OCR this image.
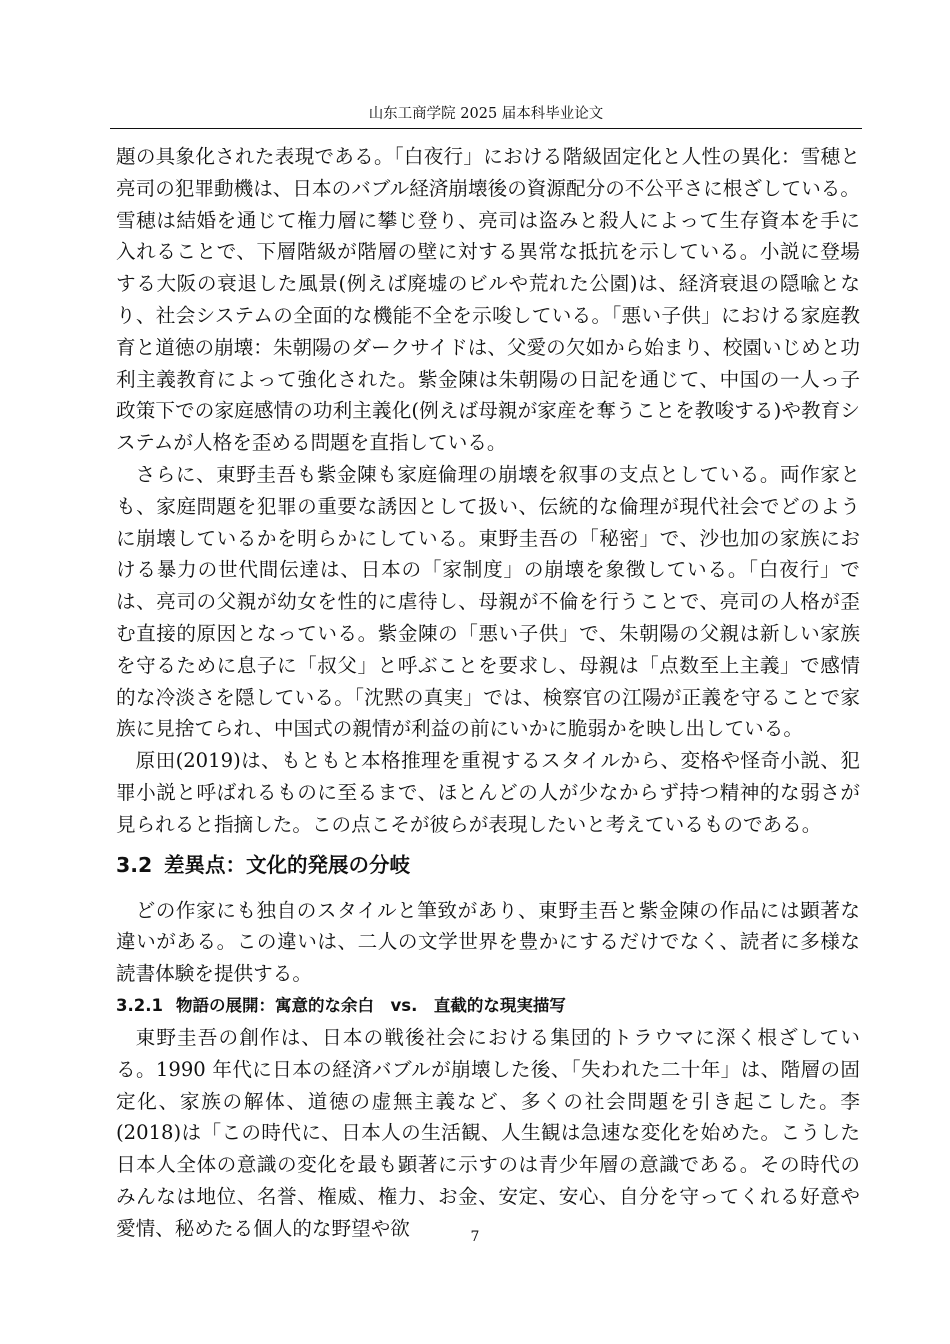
山东工商学院 2025 届本科毕业论文

題の具象化された表現である。「白夜行」における階級固定化と人性の異化：雪穂と亮司の犯罪動機は、日本のバブル経済崩壊後の資源配分の不公平さに根ざしている。雪穂は結婚を通じて権力層に攀じ登り、亮司は盗みと殺人によって生存資本を手に入れることで、下層階級が階層の壁に対する異常な抵抗を示している。小説に登場する大阪の衰退した風景(例えば廃墟のビルや荒れた公園)は、経済衰退の隠喩となり、社会システムの全面的な機能不全を示唆している。「悪い子供」における家庭教育と道徳の崩壊：朱朝陽のダークサイドは、父愛の欠如から始まり、校園いじめと功利主義教育によって強化された。紫金陳は朱朝陽の日記を通じて、中国の一人っ子政策下での家庭感情の功利主義化(例えば母親が家産を奪うことを教唆する)や教育システムが人格を歪める問題を直指している。

さらに、東野圭吾も紫金陳も家庭倫理の崩壊を叙事の支点としている。両作家とも、家庭問題を犯罪の重要な誘因として扱い、伝統的な倫理が現代社会でどのように崩壊しているかを明らかにしている。東野圭吾の「秘密」で、沙也加の家族における暴力の世代間伝達は、日本の「家制度」の崩壊を象徴している。「白夜行」では、亮司の父親が幼女を性的に虐待し、母親が不倫を行うことで、亮司の人格が歪む直接的原因となっている。紫金陳の「悪い子供」で、朱朝陽の父親は新しい家族を守るために息子に「叔父」と呼ぶことを要求し、母親は「点数至上主義」で感情的な冷淡さを隠している。「沈黙の真実」では、検察官の江陽が正義を守ることで家族に見捨てられ、中国式の親情が利益の前にいかに脆弱かを映し出している。

原田(2019)は、もともと本格推理を重視するスタイルから、変格や怪奇小説、犯罪小説と呼ばれるものに至るまで、ほとんどの人が少なからず持つ精神的な弱さが見られると指摘した。この点こそが彼らが表現したいと考えているものである。

3.2 差異点：文化的発展の分岐

どの作家にも独自のスタイルと筆致があり、東野圭吾と紫金陳の作品には顕著な違いがある。この違いは、二人の文学世界を豊かにするだけでなく、読者に多様な読書体験を提供する。

3.2.1 物語の展開：寓意的な余白　vs.　直截的な現実描写

東野圭吾の創作は、日本の戦後社会における集団的トラウマに深く根ざしている。1990 年代に日本の経済バブルが崩壊した後、「失われた二十年」は、階層の固定化、家族の解体、道徳の虚無主義など、多くの社会問題を引き起こした。李(2018)は「この時代に、日本人の生活観、人生観は急速な変化を始めた。こうした日本人全体の意識の変化を最も顕著に示すのは青少年層の意識である。その時代のみんなは地位、名誉、権威、権力、お金、安定、安心、自分を守ってくれる好意や愛情、秘めたる個人的な野望や欲	7
